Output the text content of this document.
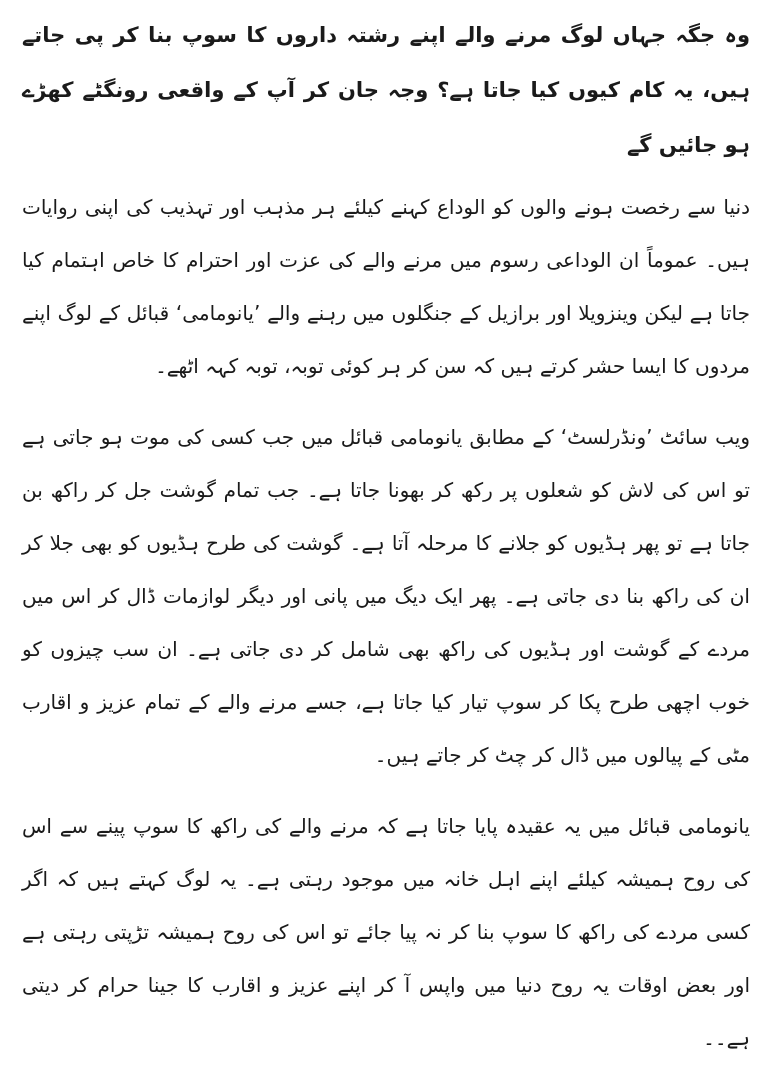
وہ جگہ جہاں لوگ مرنے والے اپنے رشتہ داروں کا سوپ بنا کر پی جاتے ہیں، یہ کام کیوں کیا جاتا ہے؟ وجہ جان کر آپ کے واقعی رونگٹے کھڑے ہو جائیں گے

دنیا سے رخصت ہونے والوں کو الوداع کہنے کیلئے ہر مذہب اور تہذیب کی اپنی روایات ہیں۔ عموماً ان الوداعی رسوم میں مرنے والے کی عزت اور احترام کا خاص اہتمام کیا جاتا ہے لیکن وینزویلا اور برازیل کے جنگلوں میں رہنے والے ’یانومامی‘ قبائل کے لوگ اپنے مردوں کا ایسا حشر کرتے ہیں کہ سن کر ہر کوئی توبہ، توبہ کہہ اٹھے۔

ویب سائٹ ’ونڈرلسٹ‘ کے مطابق یانومامی قبائل میں جب کسی کی موت ہو جاتی ہے تو اس کی لاش کو شعلوں پر رکھ کر بھونا جاتا ہے۔ جب تمام گوشت جل کر راکھ بن جاتا ہے تو پھر ہڈیوں کو جلانے کا مرحلہ آتا ہے۔ گوشت کی طرح ہڈیوں کو بھی جلا کر ان کی راکھ بنا دی جاتی ہے۔ پھر ایک دیگ میں پانی اور دیگر لوازمات ڈال کر اس میں مردے کے گوشت اور ہڈیوں کی راکھ بھی شامل کر دی جاتی ہے۔ ان سب چیزوں کو خوب اچھی طرح پکا کر سوپ تیار کیا جاتا ہے، جسے مرنے والے کے تمام عزیز و اقارب مٹی کے پیالوں میں ڈال کر چٹ کر جاتے ہیں۔

یانومامی قبائل میں یہ عقیدہ پایا جاتا ہے کہ مرنے والے کی راکھ کا سوپ پینے سے اس کی روح ہمیشہ کیلئے اپنے اہل خانہ میں موجود رہتی ہے۔ یہ لوگ کہتے ہیں کہ اگر کسی مردے کی راکھ کا سوپ بنا کر نہ پیا جائے تو اس کی روح ہمیشہ تڑپتی رہتی ہے اور بعض اوقات یہ روح دنیا میں واپس آ کر اپنے عزیز و اقارب کا جینا حرام کر دیتی ہے۔۔
